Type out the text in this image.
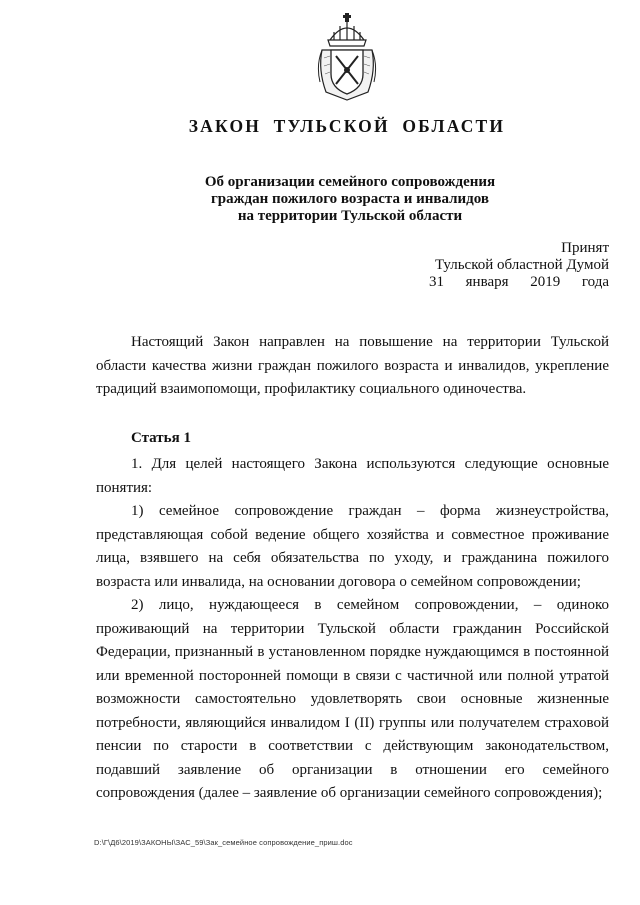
ЗАКОН ТУЛЬСКОЙ ОБЛАСТИ
Об организации семейного сопровождения
граждан пожилого возраста и инвалидов
на территории Тульской области
Принят
Тульской областной Думой
31 января 2019 года

Настоящий Закон направлен на повышение на территории Тульской области качества жизни граждан пожилого возраста и инвалидов, укрепление традиций взаимопомощи, профилактику социального одиночества.

Статья 1

1. Для целей настоящего Закона используются следующие основные понятия:

1) семейное сопровождение граждан – форма жизнеустройства, представляющая собой ведение общего хозяйства и совместное проживание лица, взявшего на себя обязательства по уходу, и гражданина пожилого возраста или инвалида, на основании договора о семейном сопровождении;

2) лицо, нуждающееся в семейном сопровождении, – одиноко проживающий на территории Тульской области гражданин Российской Федерации, признанный в установленном порядке нуждающимся в постоянной или временной посторонней помощи в связи с частичной или полной утратой возможности самостоятельно удовлетворять свои основные жизненные потребности, являющийся инвалидом I (II) группы или получателем страховой пенсии по старости в соответствии с действующим законодательством, подавший заявление об организации в отношении его семейного сопровождения (далее – заявление об организации семейного сопровождения);

D:\Г\Д6\2019\ЗАКОНЫ\ЗАС_59\Зак_семейное сопровождение_приш.doc
